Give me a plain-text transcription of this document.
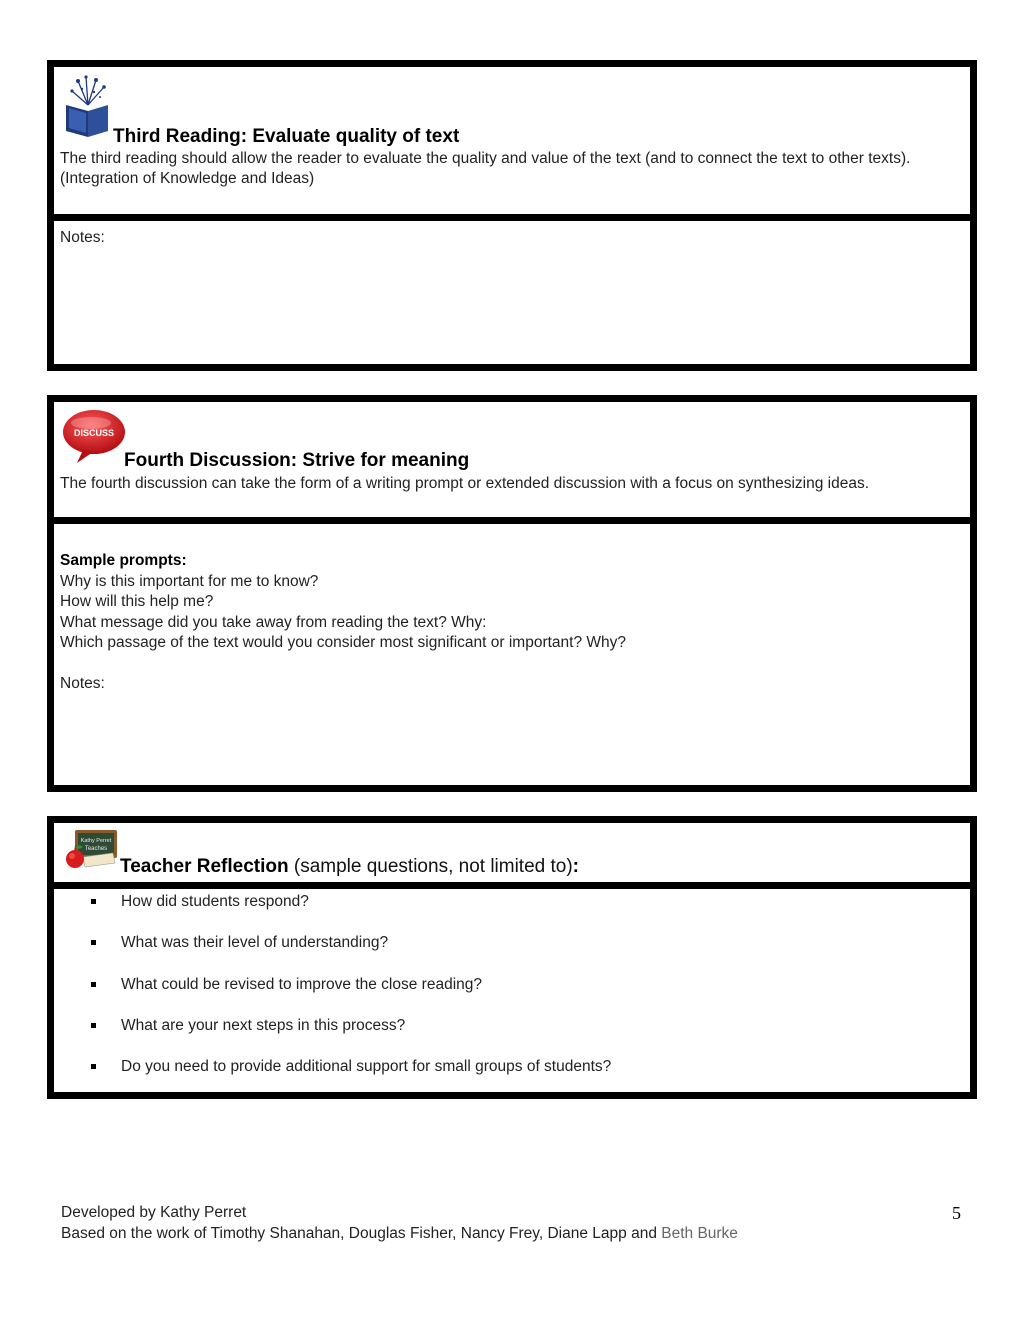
Third Reading: Evaluate quality of text
The third reading should allow the reader to evaluate the quality and value of the text (and to connect the text to other texts). (Integration of Knowledge and Ideas)
Notes:
DISCUSS
Fourth Discussion: Strive for meaning
The fourth discussion can take the form of a writing prompt or extended discussion with a focus on synthesizing ideas.
Sample prompts:
Why is this important for me to know?
How will this help me?
What message did you take away from reading the text? Why:
Which passage of the text would you consider most significant or important? Why?
Notes:
Kathy Perret
Teaches
Teacher Reflection (sample questions, not limited to):
How did students respond?
What was their level of understanding?
What could be revised to improve the close reading?
What are your next steps in this process?
Do you need to provide additional support for small groups of students?
Developed by Kathy Perret
Based on the work of Timothy Shanahan, Douglas Fisher, Nancy Frey, Diane Lapp and Beth Burke
5
